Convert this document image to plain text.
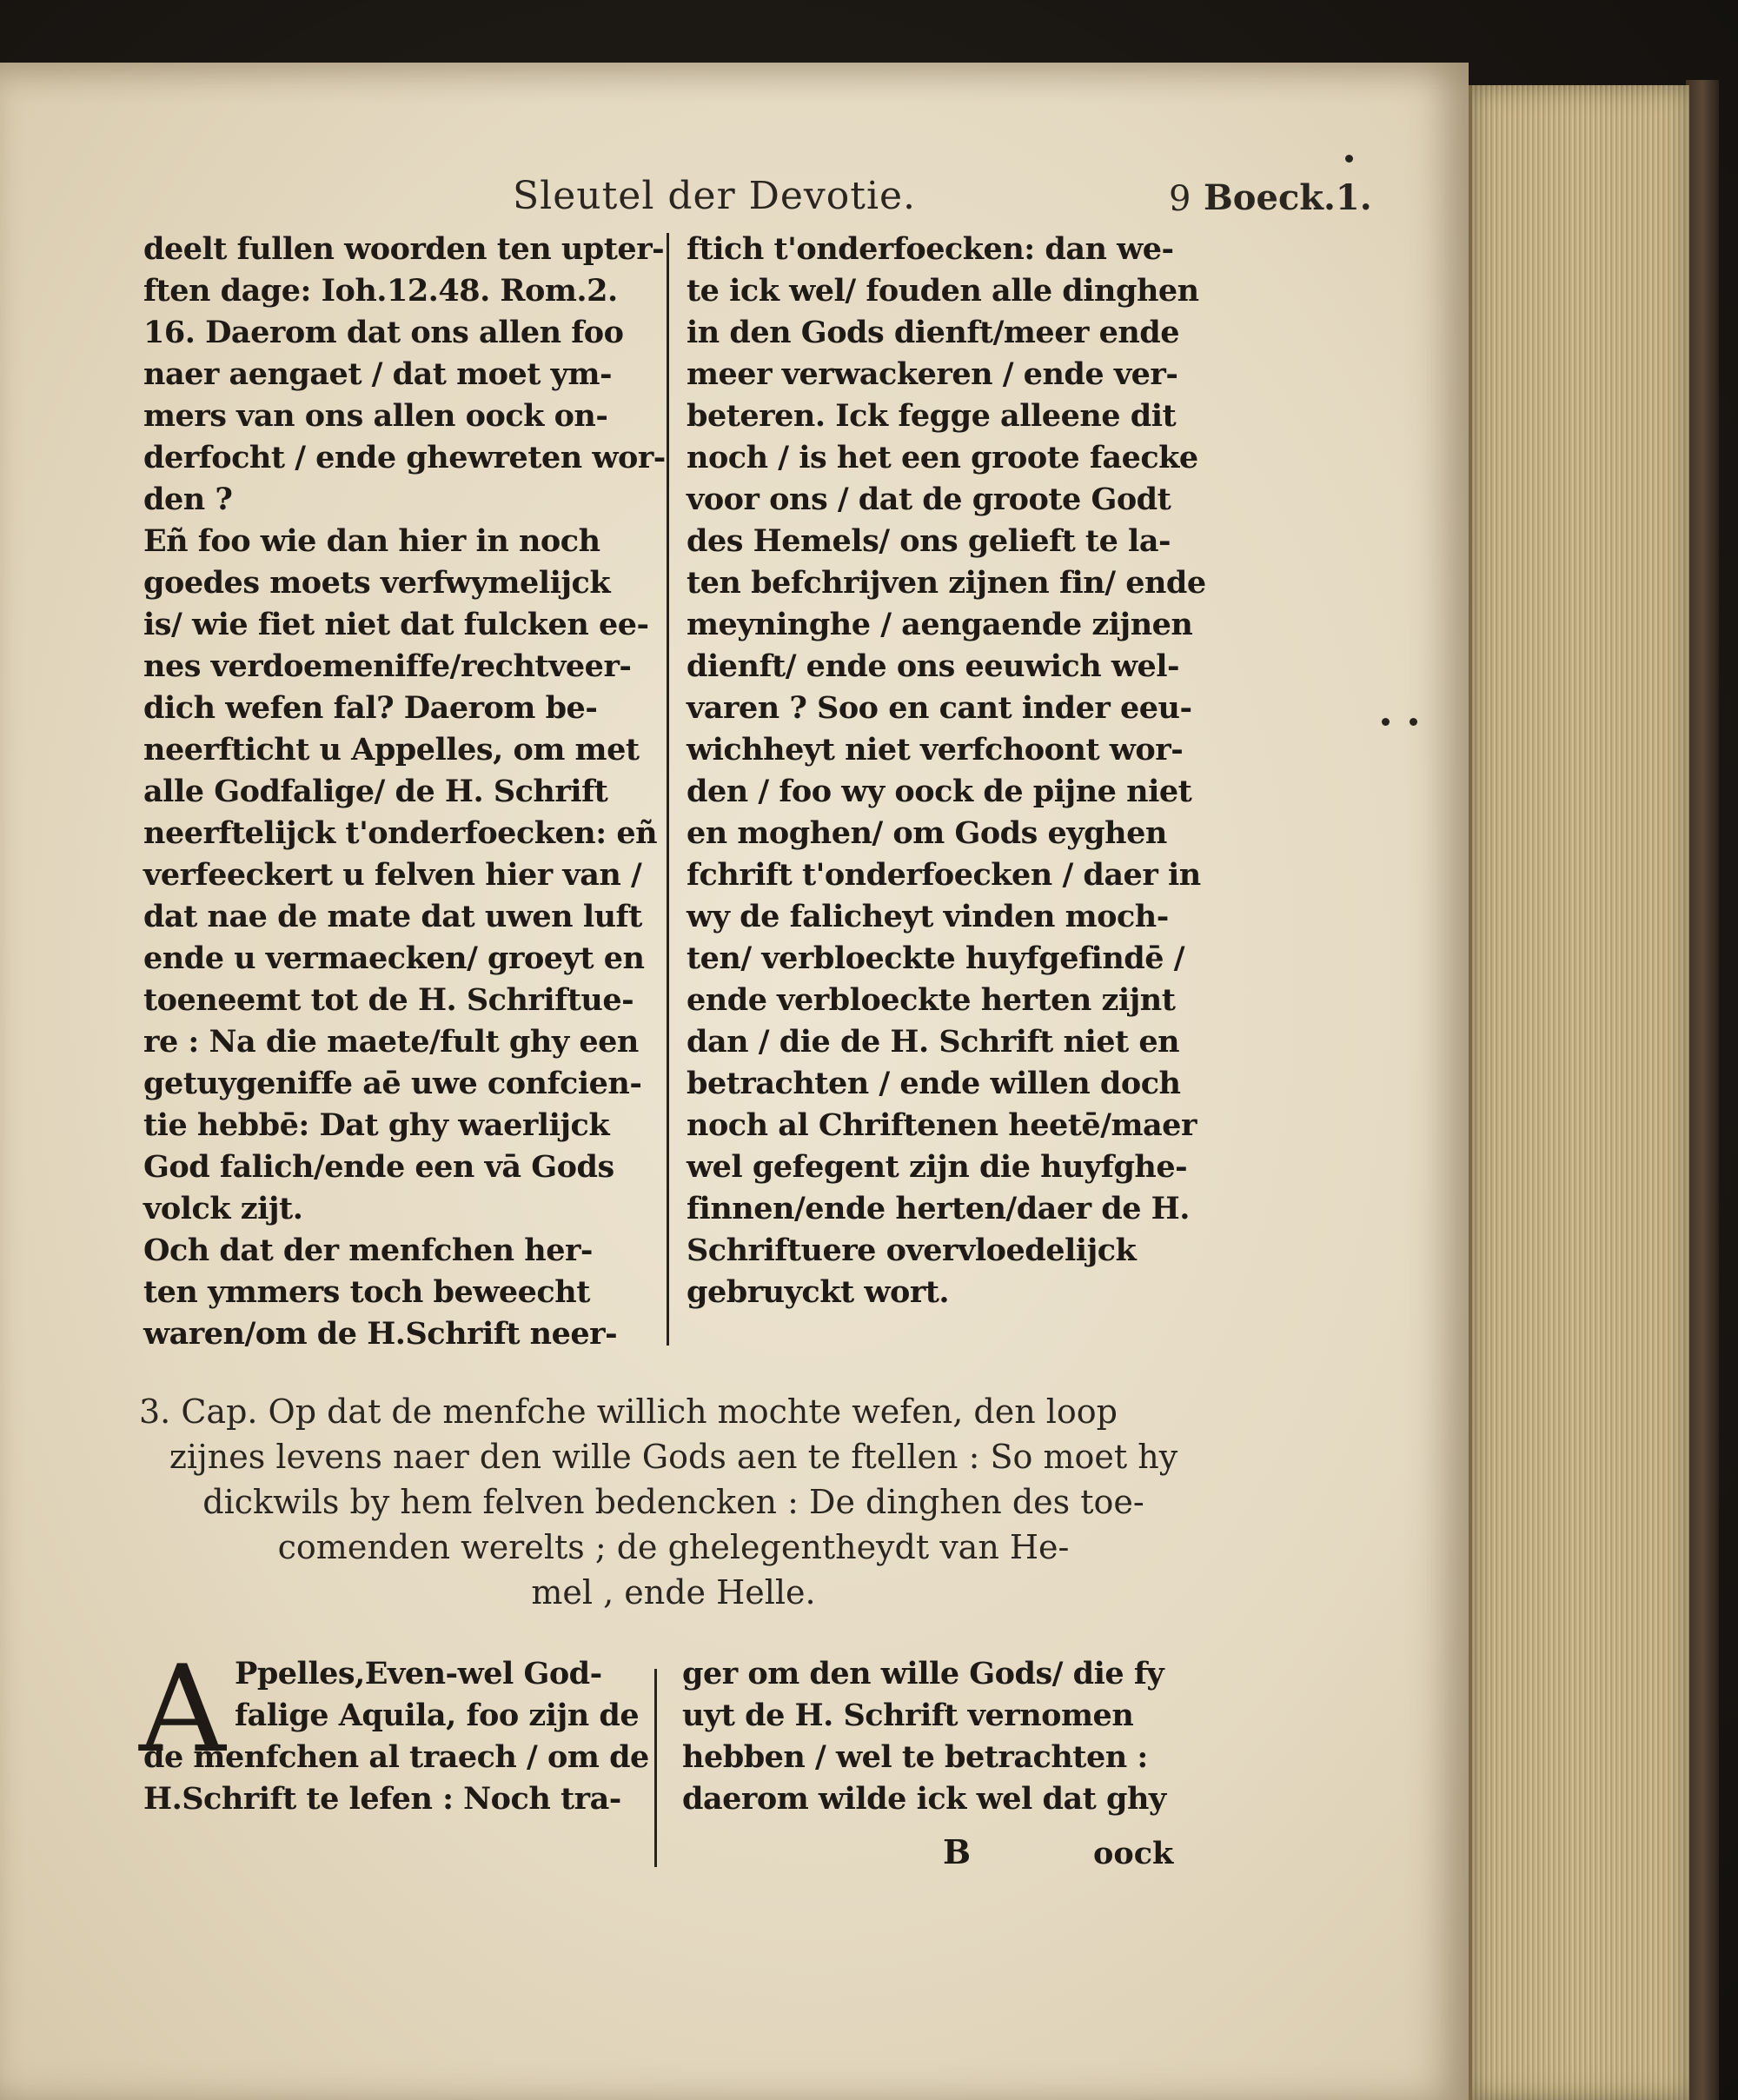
Sleutel der Devotie.	9 Boeck.1.
deelt fullen woorden ten upter-
ften dage: Ioh.12.48. Rom.2.
16. Daerom dat ons allen foo
naer aengaet / dat moet ym-
mers van ons allen oock on-
derfocht / ende ghewreten wor-
den ?
Eñ foo wie dan hier in noch
goedes moets verfwymelijck
is/ wie fiet niet dat fulcken ee-
nes verdoemeniffe/rechtveer-
dich wefen fal? Daerom be-
neerfticht u Appelles, om met
alle Godfalige/ de H. Schrift
neerftelijck t'onderfoecken: eñ
verfeeckert u felven hier van /
dat nae de mate dat uwen luft
ende u vermaecken/ groeyt en
toeneemt tot de H. Schriftue-
re : Na die maete/fult ghy een
getuygeniffe aē uwe confcien-
tie hebbē: Dat ghy waerlijck
God falich/ende een vā Gods
volck zijt.
Och dat der menfchen her-
ten ymmers toch beweecht
waren/om de H.Schrift neer-
ftich t'onderfoecken: dan we-
te ick wel/ fouden alle dinghen
in den Gods dienft/meer ende
meer verwackeren / ende ver-
beteren. Ick fegge alleene dit
noch / is het een groote faecke
voor ons / dat de groote Godt
des Hemels/ ons gelieft te la-
ten befchrijven zijnen fin/ ende
meyninghe / aengaende zijnen
dienft/ ende ons eeuwich wel-
varen ? Soo en cant inder eeu-
wichheyt niet verfchoont wor-
den / foo wy oock de pijne niet
en moghen/ om Gods eyghen
fchrift t'onderfoecken / daer in
wy de falicheyt vinden moch-
ten/ verbloeckte huyfgefindē /
ende verbloeckte herten zijnt
dan / die de H. Schrift niet en
betrachten / ende willen doch
noch al Chriftenen heetē/maer
wel gefegent zijn die huyfghe-
finnen/ende herten/daer de H.
Schriftuere overvloedelijck
gebruyckt wort.
3. Cap. Op dat de menfche willich mochte wefen, den loop
zijnes levens naer den wille Gods aen te ftellen : So moet hy
dickwils by hem felven bedencken : De dinghen des toe-
comenden werelts ; de ghelegentheydt van He-
mel , ende Helle.
A Ppelles,Even-wel God-
falige Aquila, foo zijn de
de menfchen al traech / om de
H.Schrift te lefen : Noch tra-
ger om den wille Gods/ die fy
uyt de H. Schrift vernomen
hebben / wel te betrachten :
daerom wilde ick wel dat ghy
B	oock
